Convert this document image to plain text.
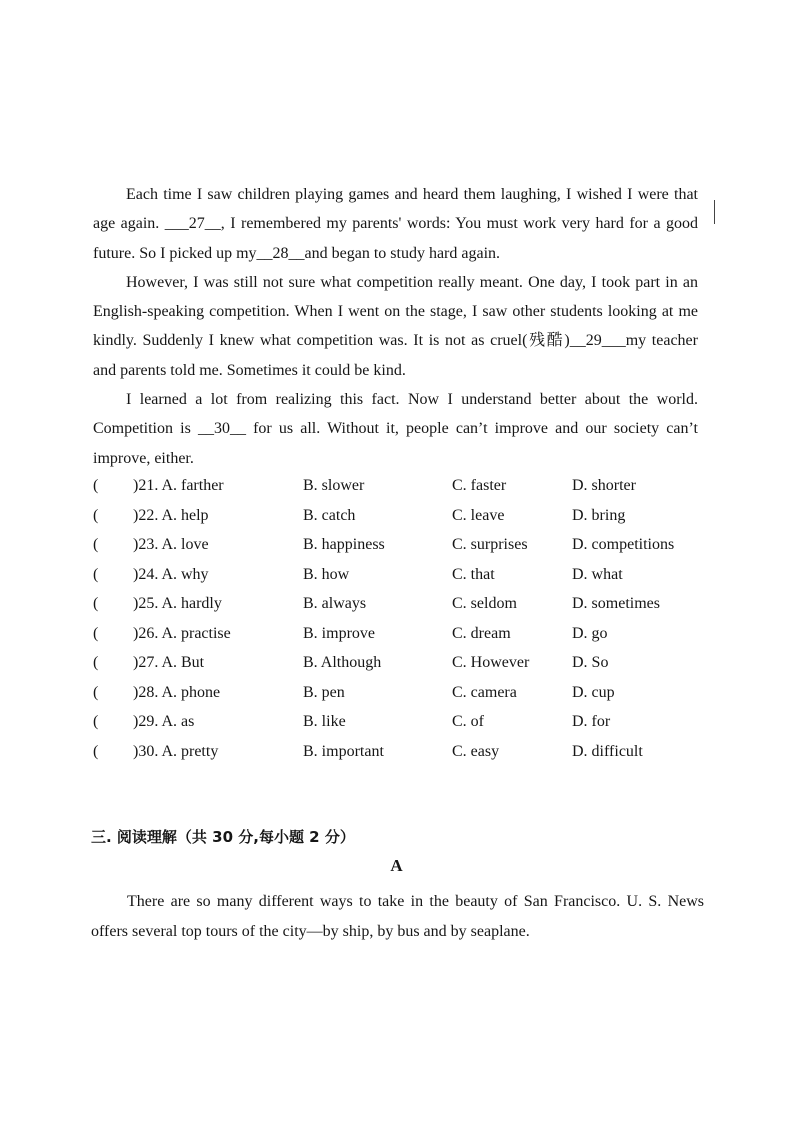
Each time I saw children playing games and heard them laughing, I wished I were that age again. ___27__, I remembered my parents' words: You must work very hard for a good future. So I picked up my__28__and began to study hard again.

However, I was still not sure what competition really meant. One day, I took part in an English-speaking competition. When I went on the stage, I saw other students looking at me kindly. Suddenly I knew what competition was. It is not as cruel(残酷)__29___my teacher and parents told me. Sometimes it could be kind.

I learned a lot from realizing this fact. Now I understand better about the world. Competition is __30__ for us all. Without it, people can’t improve and our society can’t improve, either.

( )21. A. farther	B. slower	C. faster	D. shorter
( )22. A. help	B. catch	C. leave	D. bring
( )23. A. love	B. happiness	C. surprises	D. competitions
( )24. A. why	B. how	C. that	D. what
( )25. A. hardly	B. always	C. seldom	D. sometimes
( )26. A. practise	B. improve	C. dream	D. go
( )27. A. But	B. Although	C. However	D. So
( )28. A. phone	B. pen	C. camera	D. cup
( )29. A. as	B. like	C. of	D. for
( )30. A. pretty	B. important	C. easy	D. difficult
三. 阅读理解（共 30 分,每小题 2 分）
A

There are so many different ways to take in the beauty of San Francisco. U. S. News offers several top tours of the city—by ship, by bus and by seaplane.
